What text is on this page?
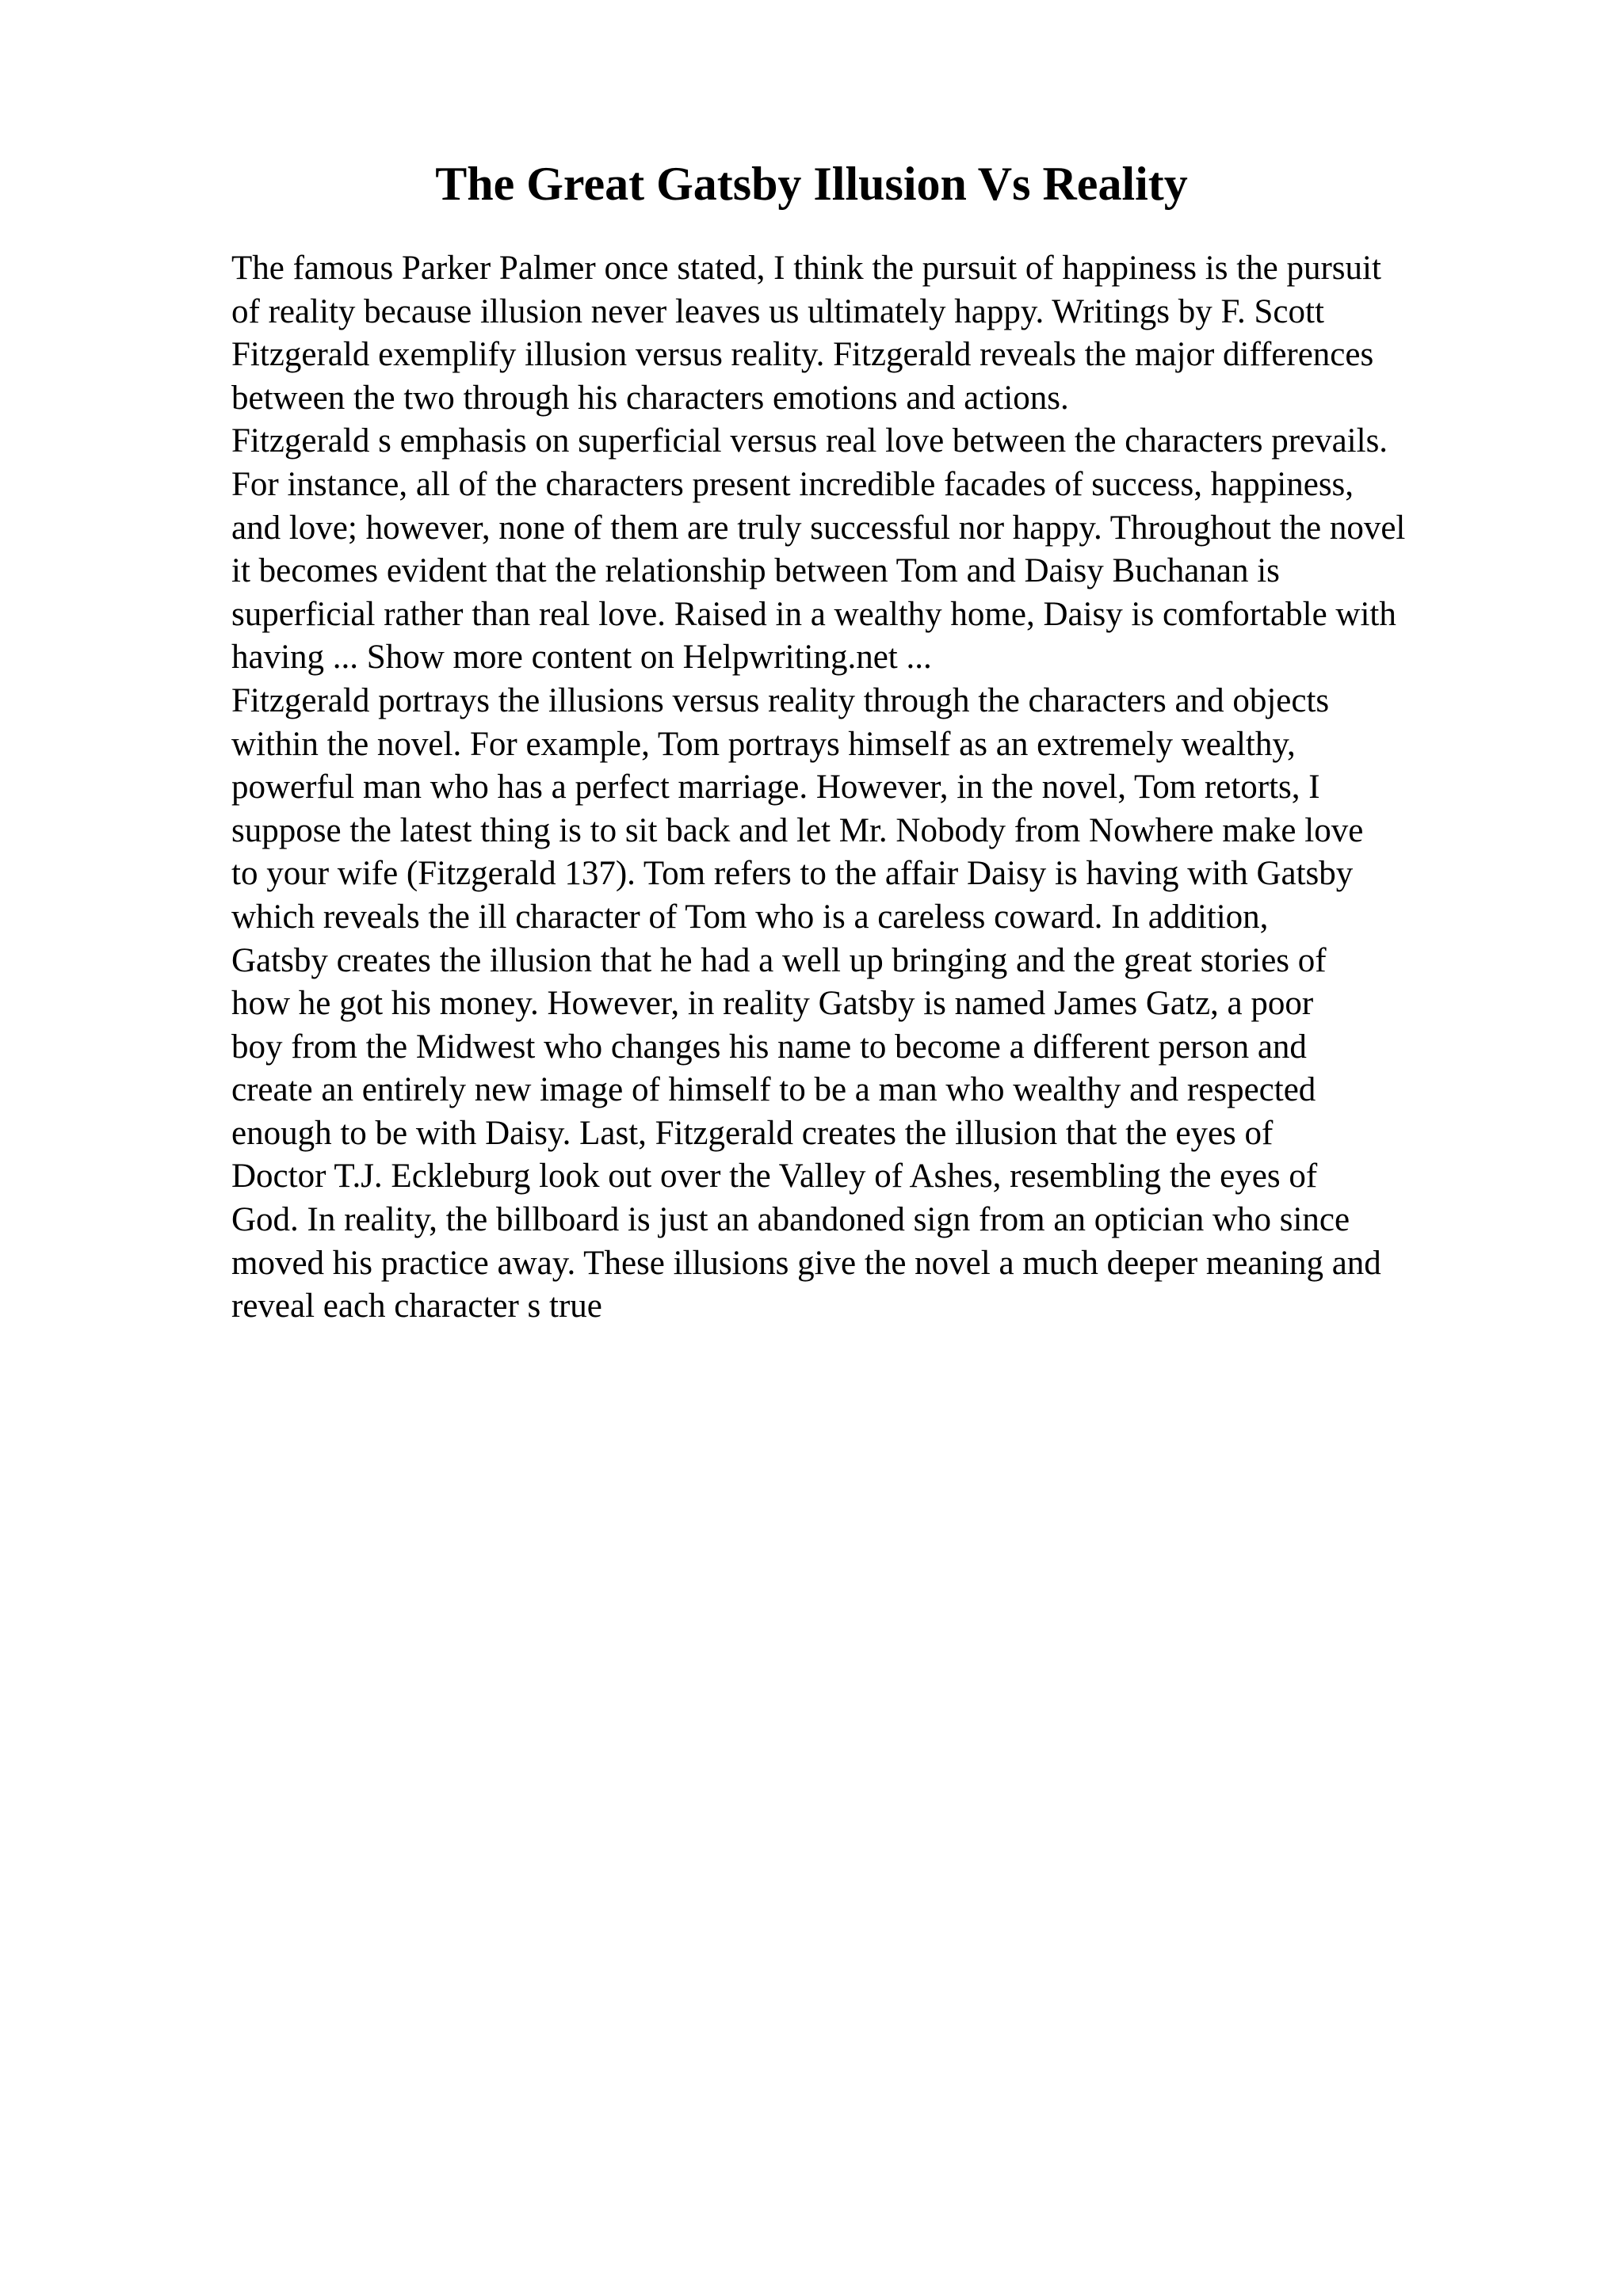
The Great Gatsby Illusion Vs Reality
The famous Parker Palmer once stated, I think the pursuit of happiness is the pursuit
of reality because illusion never leaves us ultimately happy. Writings by F. Scott
Fitzgerald exemplify illusion versus reality. Fitzgerald reveals the major differences
between the two through his characters emotions and actions.
Fitzgerald s emphasis on superficial versus real love between the characters prevails.
For instance, all of the characters present incredible facades of success, happiness,
and love; however, none of them are truly successful nor happy. Throughout the novel
it becomes evident that the relationship between Tom and Daisy Buchanan is
superficial rather than real love. Raised in a wealthy home, Daisy is comfortable with
having ... Show more content on Helpwriting.net ...
Fitzgerald portrays the illusions versus reality through the characters and objects
within the novel. For example, Tom portrays himself as an extremely wealthy,
powerful man who has a perfect marriage. However, in the novel, Tom retorts, I
suppose the latest thing is to sit back and let Mr. Nobody from Nowhere make love
to your wife (Fitzgerald 137). Tom refers to the affair Daisy is having with Gatsby
which reveals the ill character of Tom who is a careless coward. In addition,
Gatsby creates the illusion that he had a well up bringing and the great stories of
how he got his money. However, in reality Gatsby is named James Gatz, a poor
boy from the Midwest who changes his name to become a different person and
create an entirely new image of himself to be a man who wealthy and respected
enough to be with Daisy. Last, Fitzgerald creates the illusion that the eyes of
Doctor T.J. Eckleburg look out over the Valley of Ashes, resembling the eyes of
God. In reality, the billboard is just an abandoned sign from an optician who since
moved his practice away. These illusions give the novel a much deeper meaning and
reveal each character s true
